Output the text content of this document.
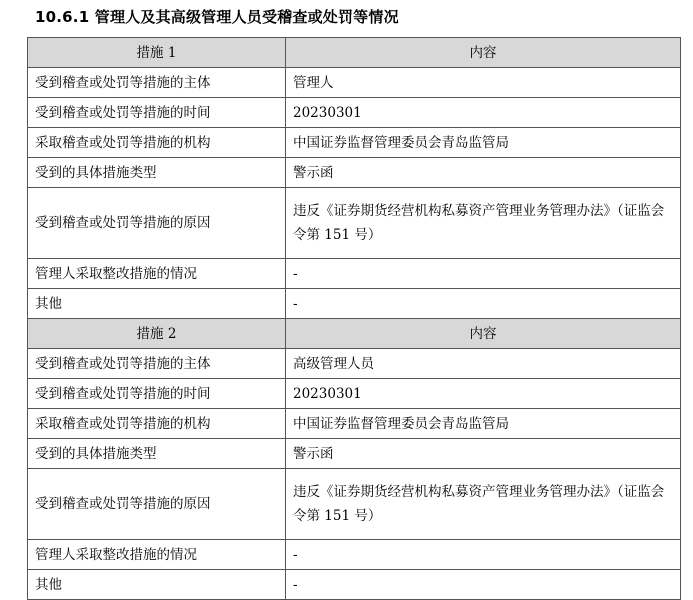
10.6.1 管理人及其高级管理人员受稽查或处罚等情况
措施 1	内容
受到稽查或处罚等措施的主体	管理人
受到稽查或处罚等措施的时间	20230301
采取稽查或处罚等措施的机构	中国证券监督管理委员会青岛监管局
受到的具体措施类型	警示函
受到稽查或处罚等措施的原因	违反《证券期货经营机构私募资产管理业务管理办法》（证监会令第 151 号）
管理人采取整改措施的情况	-
其他	-
措施 2	内容
受到稽查或处罚等措施的主体	高级管理人员
受到稽查或处罚等措施的时间	20230301
采取稽查或处罚等措施的机构	中国证券监督管理委员会青岛监管局
受到的具体措施类型	警示函
受到稽查或处罚等措施的原因	违反《证券期货经营机构私募资产管理业务管理办法》（证监会令第 151 号）
管理人采取整改措施的情况	-
其他	-
